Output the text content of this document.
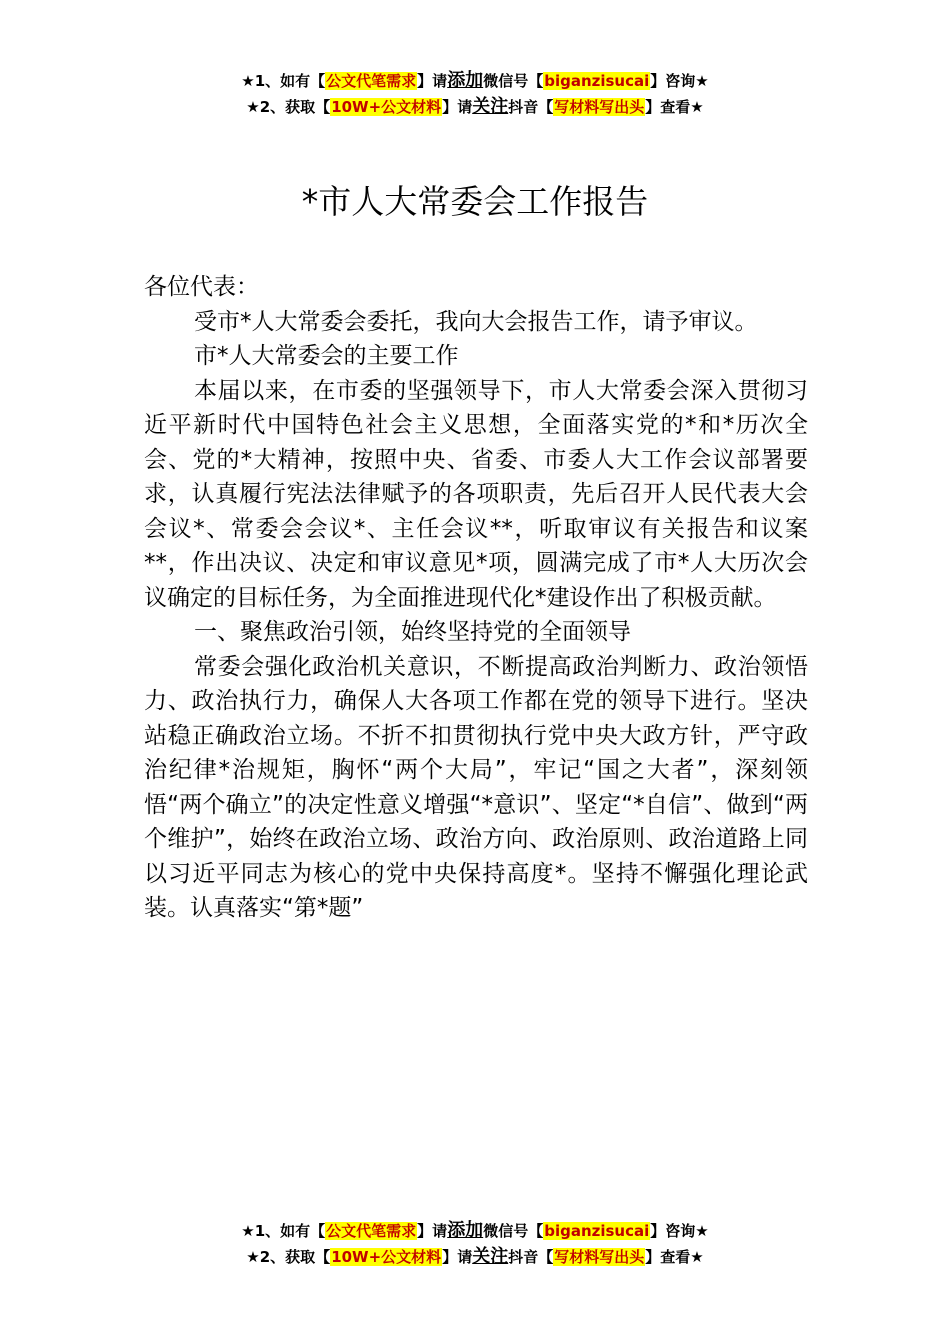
★1、如有【公文代笔需求】请添加微信号【biganzisucai】咨询★
★2、获取【10W+公文材料】请关注抖音【写材料写出头】查看★
*市人大常委会工作报告

各位代表：

受市*人大常委会委托，我向大会报告工作，请予审议。

市*人大常委会的主要工作

本届以来，在市委的坚强领导下，市人大常委会深入贯彻习近平新时代中国特色社会主义思想，全面落实党的*和*历次全会、党的*大精神，按照中央、省委、市委人大工作会议部署要求，认真履行宪法法律赋予的各项职责，先后召开人民代表大会会议*、常委会会议*、主任会议**，听取审议有关报告和议案**，作出决议、决定和审议意见*项，圆满完成了市*人大历次会议确定的目标任务，为全面推进现代化*建设作出了积极贡献。

一、聚焦政治引领，始终坚持党的全面领导

常委会强化政治机关意识，不断提高政治判断力、政治领悟力、政治执行力，确保人大各项工作都在党的领导下进行。坚决站稳正确政治立场。不折不扣贯彻执行党中央大政方针，严守政治纪律*治规矩，胸怀“两个大局”，牢记“国之大者”，深刻领悟“两个确立”的决定性意义增强“*意识”、坚定“*自信”、做到“两个维护”，始终在政治立场、政治方向、政治原则、政治道路上同以习近平同志为核心的党中央保持高度*。坚持不懈强化理论武装。认真落实“第*题”

★1、如有【公文代笔需求】请添加微信号【biganzisucai】咨询★
★2、获取【10W+公文材料】请关注抖音【写材料写出头】查看★
